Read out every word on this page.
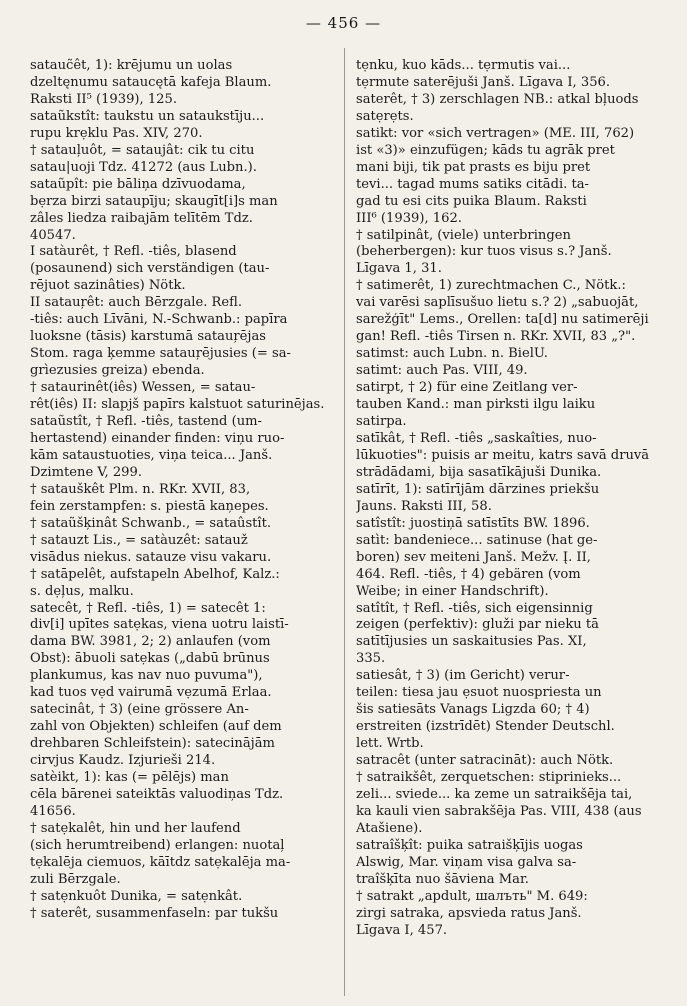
— 456 —
satauc̃êt, 1): krējumu un uolas
dzeltęnumu sataucętā kafeja Blaum.
Raksti II⁵ (1939), 125.
sataũkstît: taukstu un sataukstīju...
rupu krẹklu Pas. XIV, 270.
† satauļuôt, = sataujât: cik tu citu
satau|uoji Tdz. 41272 (aus Lubn.).
sataũpît: pie bāliņa dzīvuodama,
bẹrza birzi sataupīju; skaugīt[i]s man
zâles liedza raibajām telītēm Tdz.
40547.
I satàurêt, † Refl. -tiês, blasend
(posaunend) sich verständigen (tau-
rējuot sazinâties) Nötk.
II satauŗêt: auch Bērzgale. Refl.
-tiês: auch Līvāni, N.-Schwanb.: papīra
luoksne (tāsis) karstumā satauŗējas
Stom. raga ķemme satauŗējusies (= sa-
grìezusies greiza) ebenda.
† sataurinêt(iês) Wessen, = satau-
rêt(iês) II: slapjš papīrs kalstuot saturinējas.
sataũstît, † Refl. -tiês, tastend (um-
hertastend) einander finden: viņu ruo-
kām sataustuoties, viņa teica... Janš.
Dzimtene V, 299.
† satauškêt Plm. n. RKr. XVII, 83,
fein zerstampfen: s. piestā kaņepes.
† sataũšķinât Schwanb., = sataûstît.
† satauzt Lis., = satàuzêt: satauž
visādus niekus. satauze visu vakaru.
† satāpelêt, aufstapeln Abelhof, Kalz.:
s. dẹļus, malku.
satecêt, † Refl. -tiês, 1) = satecêt 1:
div[i] upītes satẹkas, viena uotru laistī-
dama BW. 3981, 2; 2) anlaufen (vom
Obst): ābuoli satẹkas („dabū brūnus
plankumus, kas nav nuo puvuma"),
kad tuos vẹd vairumā vẹzumā Erlaa.
satecinât, † 3) (eine grössere An-
zahl von Objekten) schleifen (auf dem
drehbaren Schleifstein): satecinājām
cirvjus Kaudz. Izjurieši 214.
satèikt, 1): kas (= pēlējs) man
cēla bārenei sateiktās valuodiņas Tdz.
41656.
† satẹkalêt, hin und her laufend
(sich herumtreibend) erlangen: nuotaļ
tẹkalēja ciemuos, kāītdz satẹkalēja ma-
zuli Bērzgale.
† satẹnkuôt Dunika, = satẹnkât.
† saterêt, susammenfaseln: par tukšu
tẹnku, kuo kāds... tẹrmutis vai...
tẹrmute saterējuši Janš. Līgava I, 356.
saterêt, † 3) zerschlagen NB.: atkal bļuods
satẹrẹts.
satikt: vor «sich vertragen» (ME. III, 762)
ist «3)» einzufügen; kāds tu agrāk pret
mani biji, tik pat prasts es biju pret
tevi... tagad mums satiks citādi. ta-
gad tu esi cits puika Blaum. Raksti
III⁶ (1939), 162.
† satilpinât, (viele) unterbringen
(beherbergen): kur tuos visus s.? Janš.
Līgava 1, 31.
† satimerêt, 1) zurechtmachen C., Nötk.:
vai varēsi saplīsušuo lietu s.? 2) „sabuojāt,
sarežģīt" Lems., Orellen: ta[d] nu satimerēji
gan! Refl. -tiês Tirsen n. RKr. XVII, 83 „?".
satimst: auch Lubn. n. BielU.
satimt: auch Pas. VIII, 49.
satirpt, † 2) für eine Zeitlang ver-
tauben Kand.: man pirksti ilgu laiku
satirpa.
satīkât, † Refl. -tiês „saskaîties, nuo-
lūkuoties": puisis ar meitu, katrs savā druvā
strādādami, bija sasatīkājuši Dunika.
satīrīt, 1): satīrījām dārzines priekšu
Jauns. Raksti III, 58.
satîstît: juostiņā satīstīts BW. 1896.
satìt: bandeniece... satinuse (hat ge-
boren) sev meiteni Janš. Mežv. Į. II,
464. Refl. -tiês, † 4) gebären (vom
Weibe; in einer Handschrift).
satîtît, † Refl. -tiês, sich eigensinnig
zeigen (perfektiv): gluži par nieku tā
satītījusies un saskaitusies Pas. XI,
335.
satiesât, † 3) (im Gericht) verur-
teilen: tiesa jau ẹsuot nuospriesta un
šis satiesāts Vanags Ligzda 60; † 4)
erstreiten (izstrīdēt) Stender Deutschl.
lett. Wrtb.
satracêt (unter satracināt): auch Nötk.
† satraikšêt, zerquetschen: stiprinieks...
zeli... sviede... ka zeme un satraikšēja tai,
ka kauli vien sabrakšēja Pas. VIII, 438 (aus
Atašiene).
satraîšķît: puika satraišķījis uogas
Alswig, Mar. viņam visa galva sa-
traîšķīta nuo šāviena Mar.
† satrakt „apdult, шалъть" M. 649:
zirgi satraka, apsvieda ratus Janš.
Līgava I, 457.
